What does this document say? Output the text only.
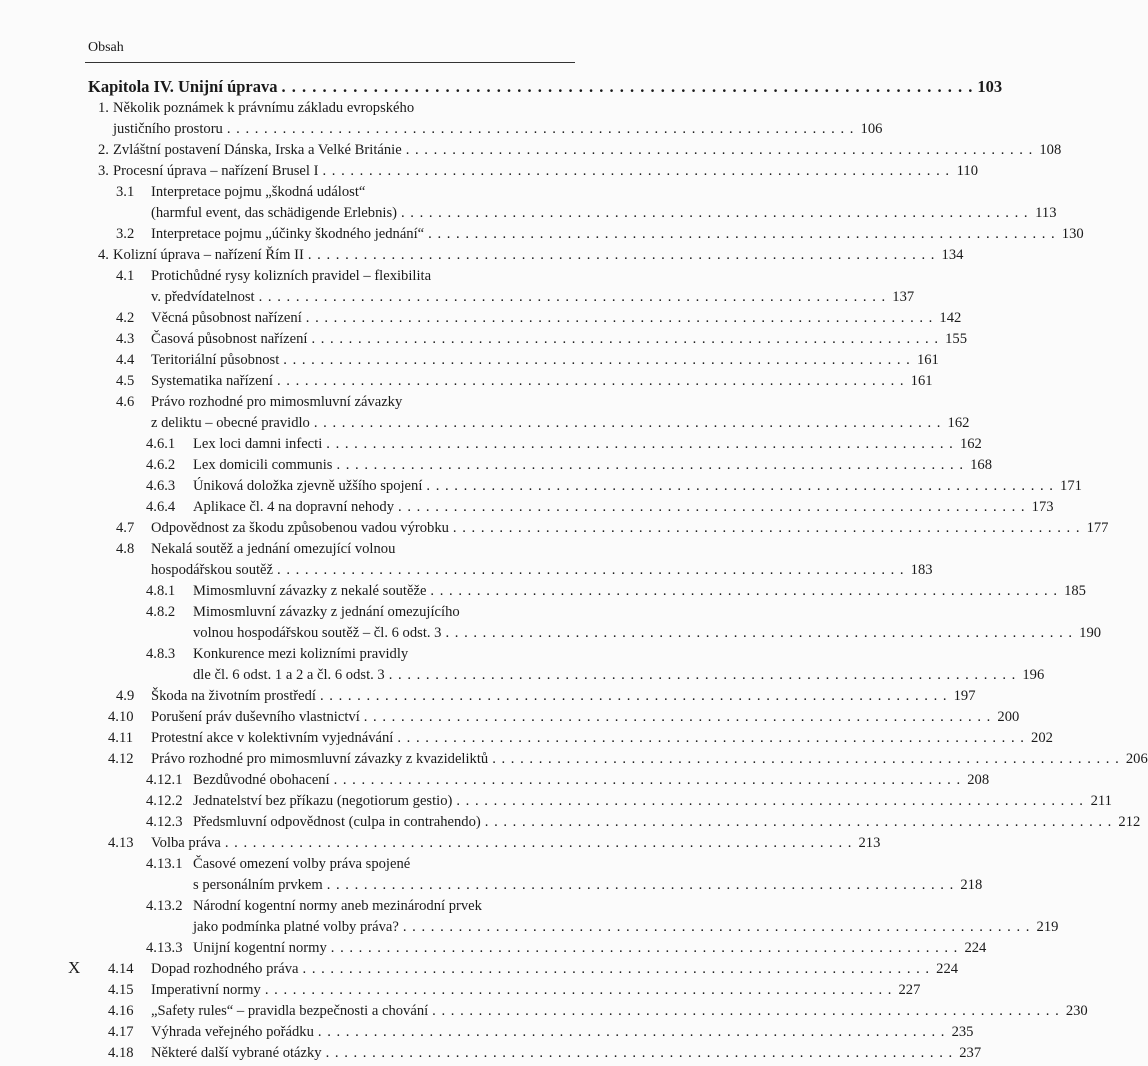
Obsah
Kapitola IV. Unijní úprava . . . . . . . . . . . . . . . . . . . . . . . . . . . . . . . . . . . . . . . . . . . . . . . . . . . . . . . . . . . . . . . . . . . . 103
1. Několik poznámek k právnímu základu evropského
justičního prostoru . . . . . . . . . . . . . . . . . . . . . . . . . . . . . . . . . . . . . . . . . . . . . . . . . . . . . . . . . . . . . . . . . . . . 106
2. Zvláštní postavení Dánska, Irska a Velké Británie . . . . . . . . . . . . . . . . . . . . . . . . . . . . . . . . . . . . . . . . . . . . . . . . . . . . . . . . . . . . . . . . . . . . 108
3. Procesní úprava – nařízení Brusel I . . . . . . . . . . . . . . . . . . . . . . . . . . . . . . . . . . . . . . . . . . . . . . . . . . . . . . . . . . . . . . . . . . . . 110
3.1 Interpretace pojmu „škodná událost“
(harmful event, das schädigende Erlebnis) . . . . . . . . . . . . . . . . . . . . . . . . . . . . . . . . . . . . . . . . . . . . . . . . . . . . . . . . . . . . . . . . . . . . 113
3.2 Interpretace pojmu „účinky škodného jednání“ . . . . . . . . . . . . . . . . . . . . . . . . . . . . . . . . . . . . . . . . . . . . . . . . . . . . . . . . . . . . . . . . . . . . 130
4. Kolizní úprava – nařízení Řím II . . . . . . . . . . . . . . . . . . . . . . . . . . . . . . . . . . . . . . . . . . . . . . . . . . . . . . . . . . . . . . . . . . . . 134
4.1 Protichůdné rysy kolizních pravidel – flexibilita
v. předvídatelnost . . . . . . . . . . . . . . . . . . . . . . . . . . . . . . . . . . . . . . . . . . . . . . . . . . . . . . . . . . . . . . . . . . . . 137
4.2 Věcná působnost nařízení . . . . . . . . . . . . . . . . . . . . . . . . . . . . . . . . . . . . . . . . . . . . . . . . . . . . . . . . . . . . . . . . . . . . 142
4.3 Časová působnost nařízení . . . . . . . . . . . . . . . . . . . . . . . . . . . . . . . . . . . . . . . . . . . . . . . . . . . . . . . . . . . . . . . . . . . . 155
4.4 Teritoriální působnost . . . . . . . . . . . . . . . . . . . . . . . . . . . . . . . . . . . . . . . . . . . . . . . . . . . . . . . . . . . . . . . . . . . . 161
4.5 Systematika nařízení . . . . . . . . . . . . . . . . . . . . . . . . . . . . . . . . . . . . . . . . . . . . . . . . . . . . . . . . . . . . . . . . . . . . 161
4.6 Právo rozhodné pro mimosmluvní závazky
z deliktu – obecné pravidlo . . . . . . . . . . . . . . . . . . . . . . . . . . . . . . . . . . . . . . . . . . . . . . . . . . . . . . . . . . . . . . . . . . . . 162
4.6.1 Lex loci damni infecti . . . . . . . . . . . . . . . . . . . . . . . . . . . . . . . . . . . . . . . . . . . . . . . . . . . . . . . . . . . . . . . . . . . . 162
4.6.2 Lex domicili communis . . . . . . . . . . . . . . . . . . . . . . . . . . . . . . . . . . . . . . . . . . . . . . . . . . . . . . . . . . . . . . . . . . . . 168
4.6.3 Úniková doložka zjevně užšího spojení . . . . . . . . . . . . . . . . . . . . . . . . . . . . . . . . . . . . . . . . . . . . . . . . . . . . . . . . . . . . . . . . . . . . 171
4.6.4 Aplikace čl. 4 na dopravní nehody . . . . . . . . . . . . . . . . . . . . . . . . . . . . . . . . . . . . . . . . . . . . . . . . . . . . . . . . . . . . . . . . . . . . 173
4.7 Odpovědnost za škodu způsobenou vadou výrobku . . . . . . . . . . . . . . . . . . . . . . . . . . . . . . . . . . . . . . . . . . . . . . . . . . . . . . . . . . . . . . . . . . . . 177
4.8 Nekalá soutěž a jednání omezující volnou
hospodářskou soutěž . . . . . . . . . . . . . . . . . . . . . . . . . . . . . . . . . . . . . . . . . . . . . . . . . . . . . . . . . . . . . . . . . . . . 183
4.8.1 Mimosmluvní závazky z nekalé soutěže . . . . . . . . . . . . . . . . . . . . . . . . . . . . . . . . . . . . . . . . . . . . . . . . . . . . . . . . . . . . . . . . . . . . 185
4.8.2 Mimosmluvní závazky z jednání omezujícího
volnou hospodářskou soutěž – čl. 6 odst. 3 . . . . . . . . . . . . . . . . . . . . . . . . . . . . . . . . . . . . . . . . . . . . . . . . . . . . . . . . . . . . . . . . . . . . 190
4.8.3 Konkurence mezi kolizními pravidly
dle čl. 6 odst. 1 a 2 a čl. 6 odst. 3 . . . . . . . . . . . . . . . . . . . . . . . . . . . . . . . . . . . . . . . . . . . . . . . . . . . . . . . . . . . . . . . . . . . . 196
4.9 Škoda na životním prostředí . . . . . . . . . . . . . . . . . . . . . . . . . . . . . . . . . . . . . . . . . . . . . . . . . . . . . . . . . . . . . . . . . . . . 197
4.10 Porušení práv duševního vlastnictví . . . . . . . . . . . . . . . . . . . . . . . . . . . . . . . . . . . . . . . . . . . . . . . . . . . . . . . . . . . . . . . . . . . . 200
4.11 Protestní akce v kolektivním vyjednávání . . . . . . . . . . . . . . . . . . . . . . . . . . . . . . . . . . . . . . . . . . . . . . . . . . . . . . . . . . . . . . . . . . . . 202
4.12 Právo rozhodné pro mimosmluvní závazky z kvazideliktů . . . . . . . . . . . . . . . . . . . . . . . . . . . . . . . . . . . . . . . . . . . . . . . . . . . . . . . . . . . . . . . . . . . . 206
4.12.1 Bezdůvodné obohacení . . . . . . . . . . . . . . . . . . . . . . . . . . . . . . . . . . . . . . . . . . . . . . . . . . . . . . . . . . . . . . . . . . . . 208
4.12.2 Jednatelství bez příkazu (negotiorum gestio) . . . . . . . . . . . . . . . . . . . . . . . . . . . . . . . . . . . . . . . . . . . . . . . . . . . . . . . . . . . . . . . . . . . . 211
4.12.3 Předsmluvní odpovědnost (culpa in contrahendo) . . . . . . . . . . . . . . . . . . . . . . . . . . . . . . . . . . . . . . . . . . . . . . . . . . . . . . . . . . . . . . . . . . . . 212
4.13 Volba práva . . . . . . . . . . . . . . . . . . . . . . . . . . . . . . . . . . . . . . . . . . . . . . . . . . . . . . . . . . . . . . . . . . . . 213
4.13.1 Časové omezení volby práva spojené
s personálním prvkem . . . . . . . . . . . . . . . . . . . . . . . . . . . . . . . . . . . . . . . . . . . . . . . . . . . . . . . . . . . . . . . . . . . . 218
4.13.2 Národní kogentní normy aneb mezinárodní prvek
jako podmínka platné volby práva? . . . . . . . . . . . . . . . . . . . . . . . . . . . . . . . . . . . . . . . . . . . . . . . . . . . . . . . . . . . . . . . . . . . . 219
4.13.3 Unijní kogentní normy . . . . . . . . . . . . . . . . . . . . . . . . . . . . . . . . . . . . . . . . . . . . . . . . . . . . . . . . . . . . . . . . . . . . 224
4.14 Dopad rozhodného práva . . . . . . . . . . . . . . . . . . . . . . . . . . . . . . . . . . . . . . . . . . . . . . . . . . . . . . . . . . . . . . . . . . . . 224
4.15 Imperativní normy . . . . . . . . . . . . . . . . . . . . . . . . . . . . . . . . . . . . . . . . . . . . . . . . . . . . . . . . . . . . . . . . . . . . 227
4.16 „Safety rules“ – pravidla bezpečnosti a chování . . . . . . . . . . . . . . . . . . . . . . . . . . . . . . . . . . . . . . . . . . . . . . . . . . . . . . . . . . . . . . . . . . . . 230
4.17 Výhrada veřejného pořádku . . . . . . . . . . . . . . . . . . . . . . . . . . . . . . . . . . . . . . . . . . . . . . . . . . . . . . . . . . . . . . . . . . . . 235
4.18 Některé další vybrané otázky . . . . . . . . . . . . . . . . . . . . . . . . . . . . . . . . . . . . . . . . . . . . . . . . . . . . . . . . . . . . . . . . . . . . 237
X
